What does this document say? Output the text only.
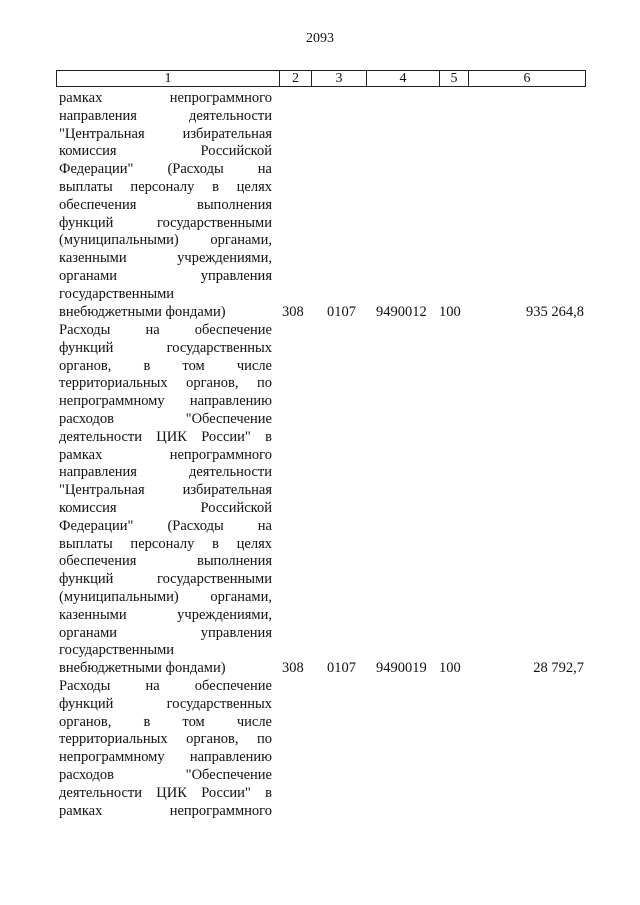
2093
1	2	3	4	5	6
рамках непрограммного
направления деятельности
"Центральная избирательная
комиссия Российской
Федерации" (Расходы на
выплаты персоналу в целях
обеспечения выполнения
функций государственными
(муниципальными) органами,
казенными учреждениями,
органами управления
государственными
внебюджетными фондами)	308 0107 9490012 100	935 264,8
Расходы на обеспечение
функций государственных
органов, в том числе
территориальных органов, по
непрограммному направлению
расходов "Обеспечение
деятельности ЦИК России" в
рамках непрограммного
направления деятельности
"Центральная избирательная
комиссия Российской
Федерации" (Расходы на
выплаты персоналу в целях
обеспечения выполнения
функций государственными
(муниципальными) органами,
казенными учреждениями,
органами управления
государственными
внебюджетными фондами)	308 0107 9490019 100	28 792,7
Расходы на обеспечение
функций государственных
органов, в том числе
территориальных органов, по
непрограммному направлению
расходов "Обеспечение
деятельности ЦИК России" в
рамках непрограммного
